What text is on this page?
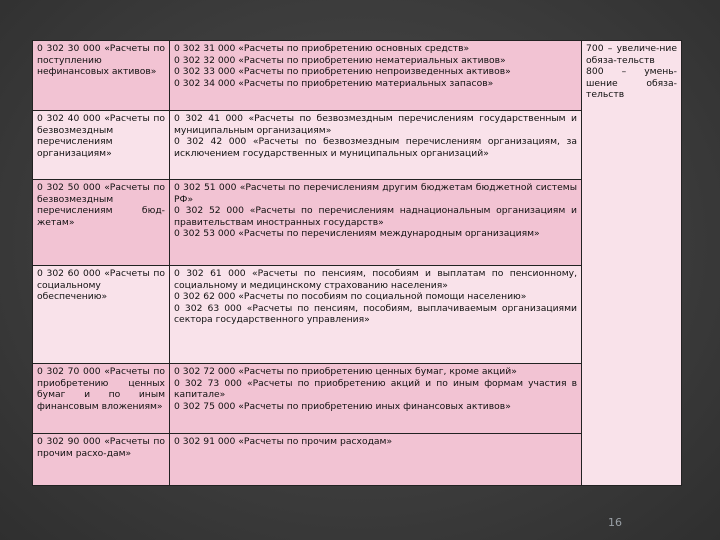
0 302 30 000 «Расчеты по поступлению нефинансовых активов»	0 302 31 000 «Расчеты по приобретению основных средств»
0 302 32 000 «Расчеты по приобретению нематериальных активов»
0 302 33 000 «Расчеты по приобретению непроизведенных активов»
0 302 34 000 «Расчеты по приобретению материальных запасов»	700 – увеличе-ние обяза-тельств
800 – умень-шение обяза-тельств

0 302 40 000 «Расчеты по безвозмездным перечислениям организациям»	0 302 41 000 «Расчеты по безвозмездным перечислениям государственным и муниципальным организациям»
0 302 42 000 «Расчеты по безвозмездным перечислениям организациям, за исключением государственных и муниципальных организаций»	

0 302 50 000 «Расчеты по безвозмездным перечислениям бюд-жетам»	0 302 51 000 «Расчеты по перечислениям другим бюджетам бюджетной системы РФ»
0 302 52 000 «Расчеты по перечислениям наднациональным организациям и правительствам иностранных государств»
0 302 53 000 «Расчеты по перечислениям международным организациям»	

0 302 60 000 «Расчеты по социальному обеспечению»	0 302 61 000 «Расчеты по пенсиям, пособиям и выплатам по пенсионному, социальному и медицинскому страхованию населения»
0 302 62 000 «Расчеты по пособиям по социальной помощи населению»
0 302 63 000 «Расчеты по пенсиям, пособиям, выплачиваемым организациями сектора государственного управления»	

0 302 70 000 «Расчеты по приобретению ценных бумаг и по иным финансовым вложениям»	0 302 72 000 «Расчеты по приобретению ценных бумаг, кроме акций»
0 302 73 000 «Расчеты по приобретению акций и по иным формам участия в капитале»
0 302 75 000 «Расчеты по приобретению иных финансовых активов»	

0 302 90 000 «Расчеты по прочим расхо-дам»	0 302 91 000 «Расчеты по прочим расходам»	
16
